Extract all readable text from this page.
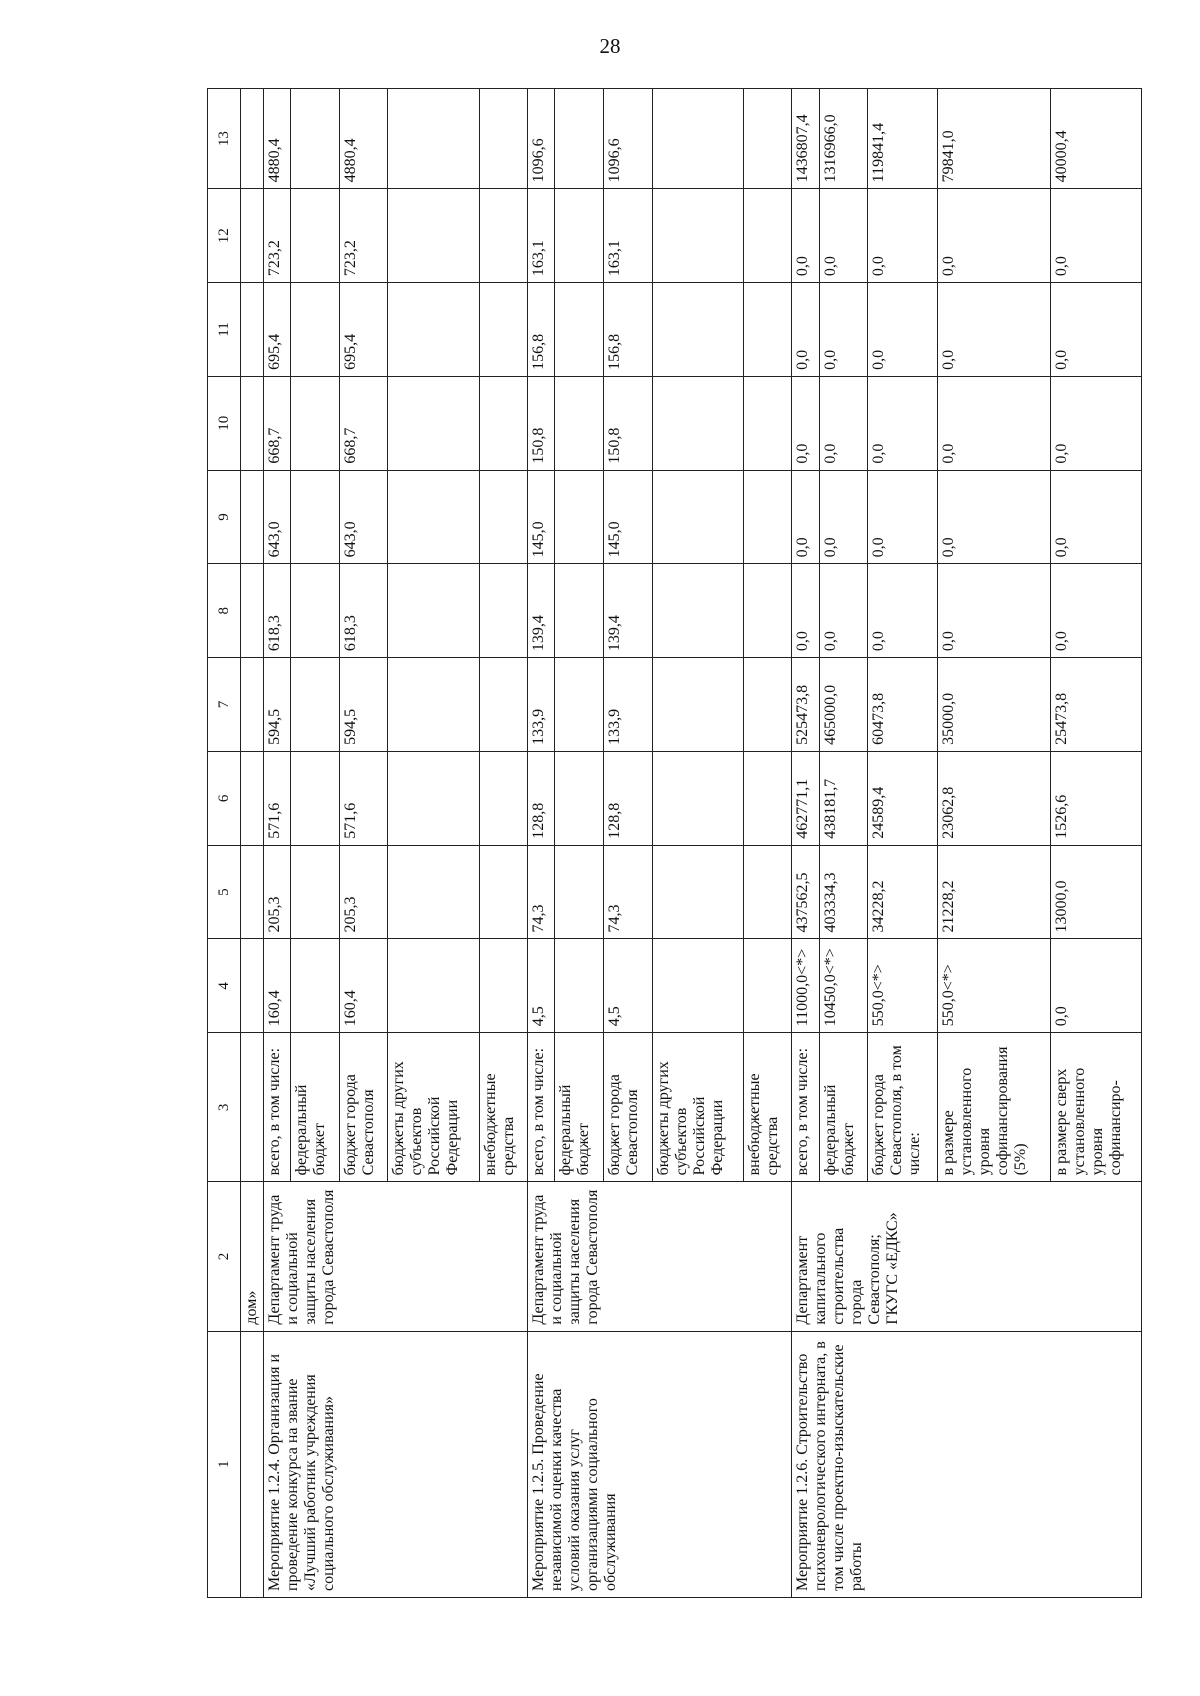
28
1	2	3	4	5	6	7	8	9	10	11	12	13
	дом»											
Мероприятие 1.2.4. Организация и проведение конкурса на звание «Лучший работник учреждения социального обслуживания»	Департамент труда и социальной защиты населения города Севастополя	всего, в том числе:	160,4	205,3	571,6	594,5	618,3	643,0	668,7	695,4	723,2	4880,4
		федеральный бюджет										
		бюджет города Севастополя	160,4	205,3	571,6	594,5	618,3	643,0	668,7	695,4	723,2	4880,4
		бюджеты других субъектов Российской Федерации										
		внебюджетные средства										
Мероприятие 1.2.5. Проведение независимой оценки качества условий оказания услуг организациями социального обслуживания	Департамент труда и социальной защиты населения города Севастополя	всего, в том числе:	4,5	74,3	128,8	133,9	139,4	145,0	150,8	156,8	163,1	1096,6
		федеральный бюджет										
		бюджет города Севастополя	4,5	74,3	128,8	133,9	139,4	145,0	150,8	156,8	163,1	1096,6
		бюджеты других субъектов Российской Федерации										
		внебюджетные средства										
Мероприятие 1.2.6. Строительство психоневрологического интерната, в том числе проектно-изыскательские работы	Департамент капитального строительства города Севастополя; ГКУГС «ЕДКС»	всего, в том числе:	11000,0<*>	437562,5	462771,1	525473,8	0,0	0,0	0,0	0,0	0,0	1436807,4
		федеральный бюджет	10450,0<*>	403334,3	438181,7	465000,0	0,0	0,0	0,0	0,0	0,0	1316966,0
		бюджет города Севастополя, в том числе:	550,0<*>	34228,2	24589,4	60473,8	0,0	0,0	0,0	0,0	0,0	119841,4
		в размере установленного уровня софинансирования (5%)	550,0<*>	21228,2	23062,8	35000,0	0,0	0,0	0,0	0,0	0,0	79841,0
		в размере сверх установленного уровня софинансиро-	0,0	13000,0	1526,6	25473,8	0,0	0,0	0,0	0,0	0,0	40000,4
